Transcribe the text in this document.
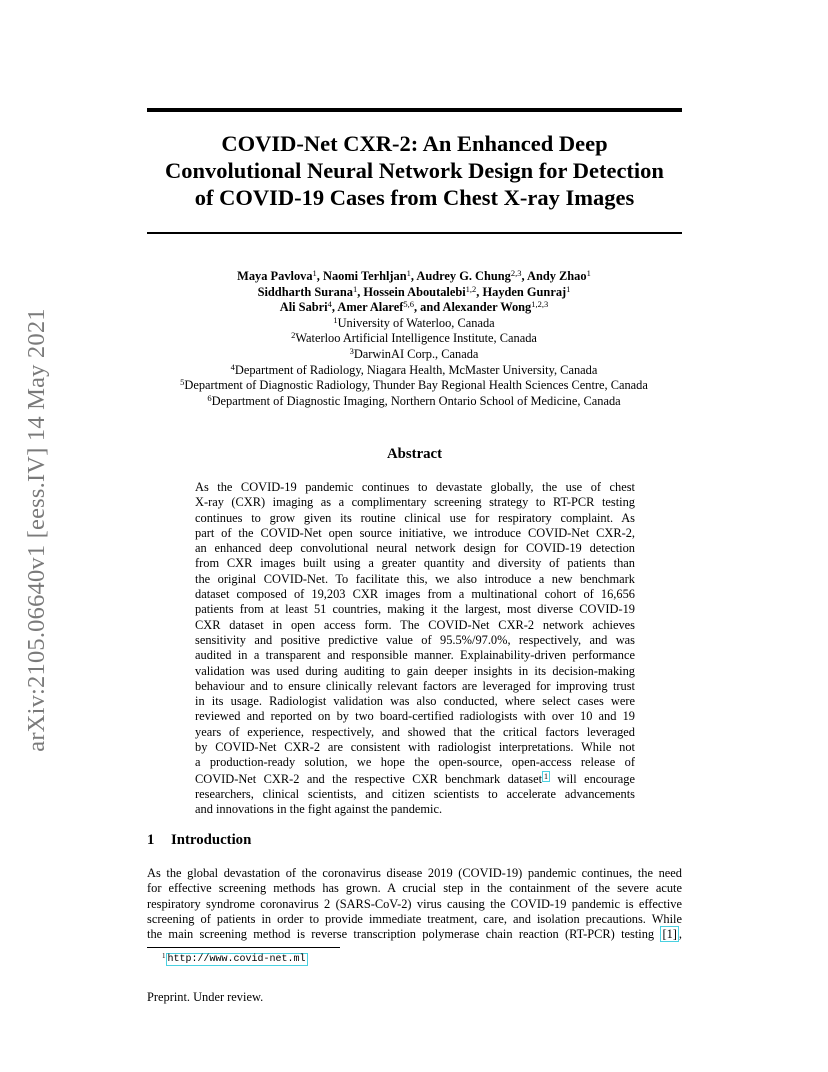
arXiv:2105.06640v1 [eess.IV] 14 May 2021
COVID-Net CXR-2: An Enhanced Deep
Convolutional Neural Network Design for Detection
of COVID-19 Cases from Chest X-ray Images
Maya Pavlova$^1$, Naomi Terhljan$^1$, Audrey G. Chung$^{2,3}$, Andy Zhao$^1$
Siddharth Surana$^1$, Hossein Aboutalebi$^{1,2}$, Hayden Gunraj$^1$
Ali Sabri$^4$, Amer Alaref$^{5,6}$, and Alexander Wong$^{1,2,3}$
$^1$University of Waterloo, Canada
$^2$Waterloo Artificial Intelligence Institute, Canada
$^3$DarwinAI Corp., Canada
$^4$Department of Radiology, Niagara Health, McMaster University, Canada
$^5$Department of Diagnostic Radiology, Thunder Bay Regional Health Sciences Centre, Canada
$^6$Department of Diagnostic Imaging, Northern Ontario School of Medicine, Canada
Abstract
As the COVID-19 pandemic continues to devastate globally, the use of chest
X-ray (CXR) imaging as a complimentary screening strategy to RT-PCR testing
continues to grow given its routine clinical use for respiratory complaint. As
part of the COVID-Net open source initiative, we introduce COVID-Net CXR-2,
an enhanced deep convolutional neural network design for COVID-19 detection
from CXR images built using a greater quantity and diversity of patients than
the original COVID-Net. To facilitate this, we also introduce a new benchmark
dataset composed of 19,203 CXR images from a multinational cohort of 16,656
patients from at least 51 countries, making it the largest, most diverse COVID-19
CXR dataset in open access form. The COVID-Net CXR-2 network achieves
sensitivity and positive predictive value of 95.5%/97.0%, respectively, and was
audited in a transparent and responsible manner. Explainability-driven performance
validation was used during auditing to gain deeper insights in its decision-making
behaviour and to ensure clinically relevant factors are leveraged for improving trust
in its usage. Radiologist validation was also conducted, where select cases were
reviewed and reported on by two board-certified radiologists with over 10 and 19
years of experience, respectively, and showed that the critical factors leveraged
by COVID-Net CXR-2 are consistent with radiologist interpretations. While not
a production-ready solution, we hope the open-source, open-access release of
COVID-Net CXR-2 and the respective CXR benchmark dataset 1 will encourage
researchers, clinical scientists, and citizen scientists to accelerate advancements
and innovations in the fight against the pandemic.
1 Introduction
As the global devastation of the coronavirus disease 2019 (COVID-19) pandemic continues, the need
for effective screening methods has grown. A crucial step in the containment of the severe acute
respiratory syndrome coronavirus 2 (SARS-CoV-2) virus causing the COVID-19 pandemic is effective
screening of patients in order to provide immediate treatment, care, and isolation precautions. While
the main screening method is reverse transcription polymerase chain reaction (RT-PCR) testing [1] ,
$^1$ http://www.covid-net.ml
Preprint. Under review.
